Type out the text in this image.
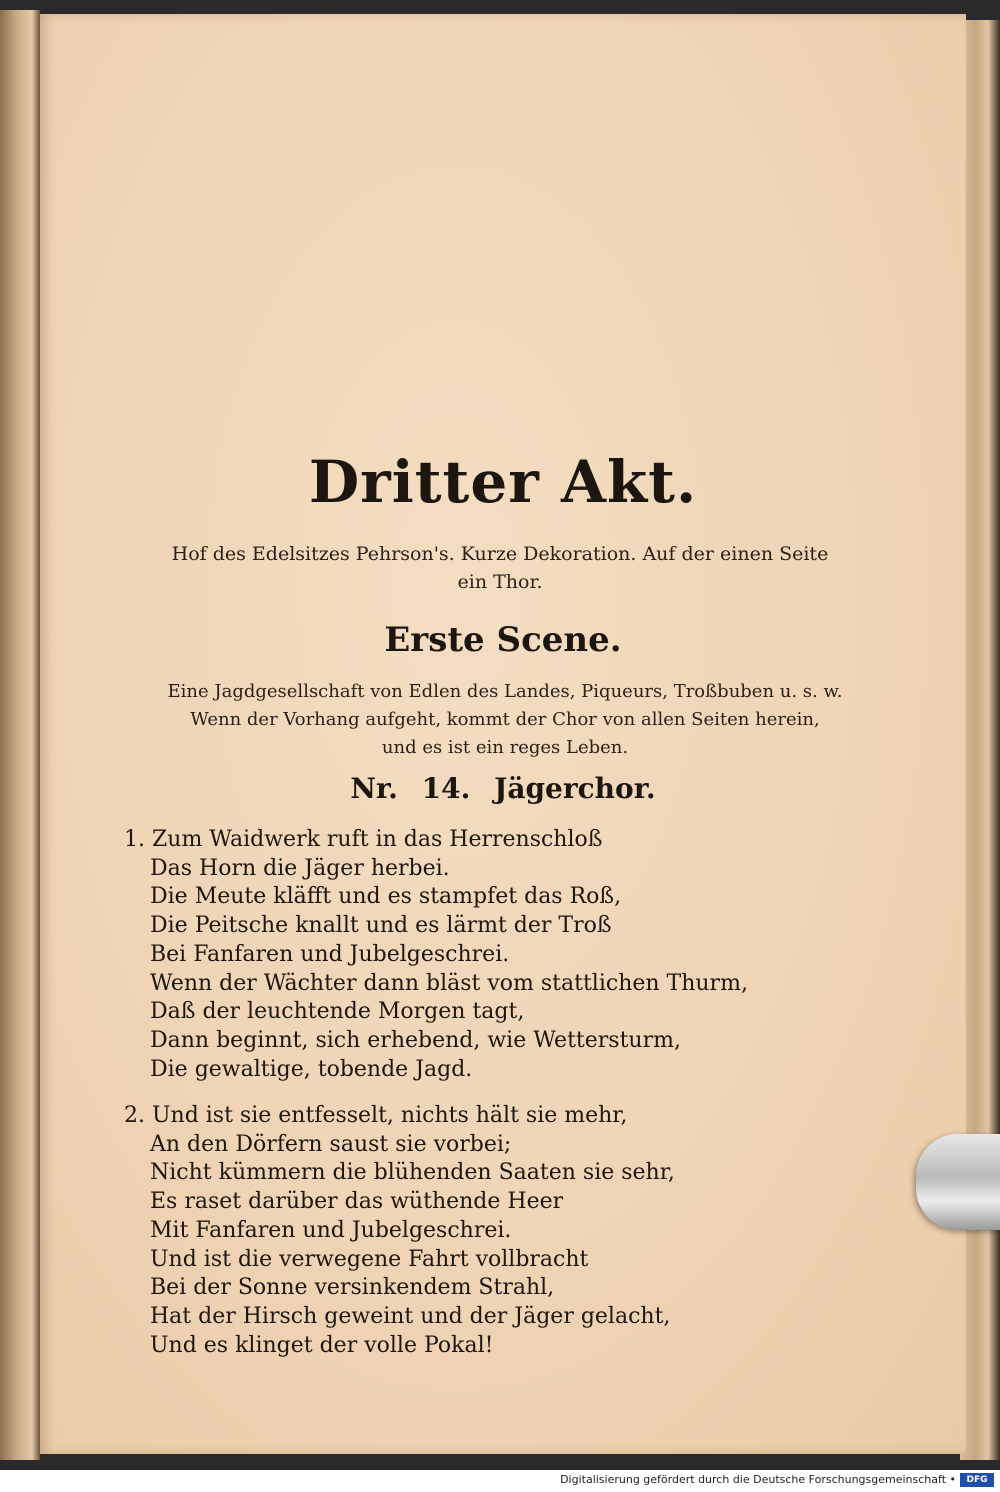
Dritter Akt.
Hof des Edelsitzes Pehrson's. Kurze Dekoration. Auf der einen Seite
ein Thor.
Erste Scene.
Eine Jagdgesellschaft von Edlen des Landes, Piqueurs, Troßbuben u. s. w.
Wenn der Vorhang aufgeht, kommt der Chor von allen Seiten herein,
und es ist ein reges Leben.
Nr. 14. Jägerchor.
1. Zum Waidwerk ruft in das Herrenschloß
Das Horn die Jäger herbei.
Die Meute kläfft und es stampfet das Roß,
Die Peitsche knallt und es lärmt der Troß
Bei Fanfaren und Jubelgeschrei.
Wenn der Wächter dann bläst vom stattlichen Thurm,
Daß der leuchtende Morgen tagt,
Dann beginnt, sich erhebend, wie Wettersturm,
Die gewaltige, tobende Jagd.
2. Und ist sie entfesselt, nichts hält sie mehr,
An den Dörfern saust sie vorbei;
Nicht kümmern die blühenden Saaten sie sehr,
Es raset darüber das wüthende Heer
Mit Fanfaren und Jubelgeschrei.
Und ist die verwegene Fahrt vollbracht
Bei der Sonne versinkendem Strahl,
Hat der Hirsch geweint und der Jäger gelacht,
Und es klinget der volle Pokal!
Digitalisierung gefördert durch die Deutsche Forschungsgemeinschaft •	DFG
